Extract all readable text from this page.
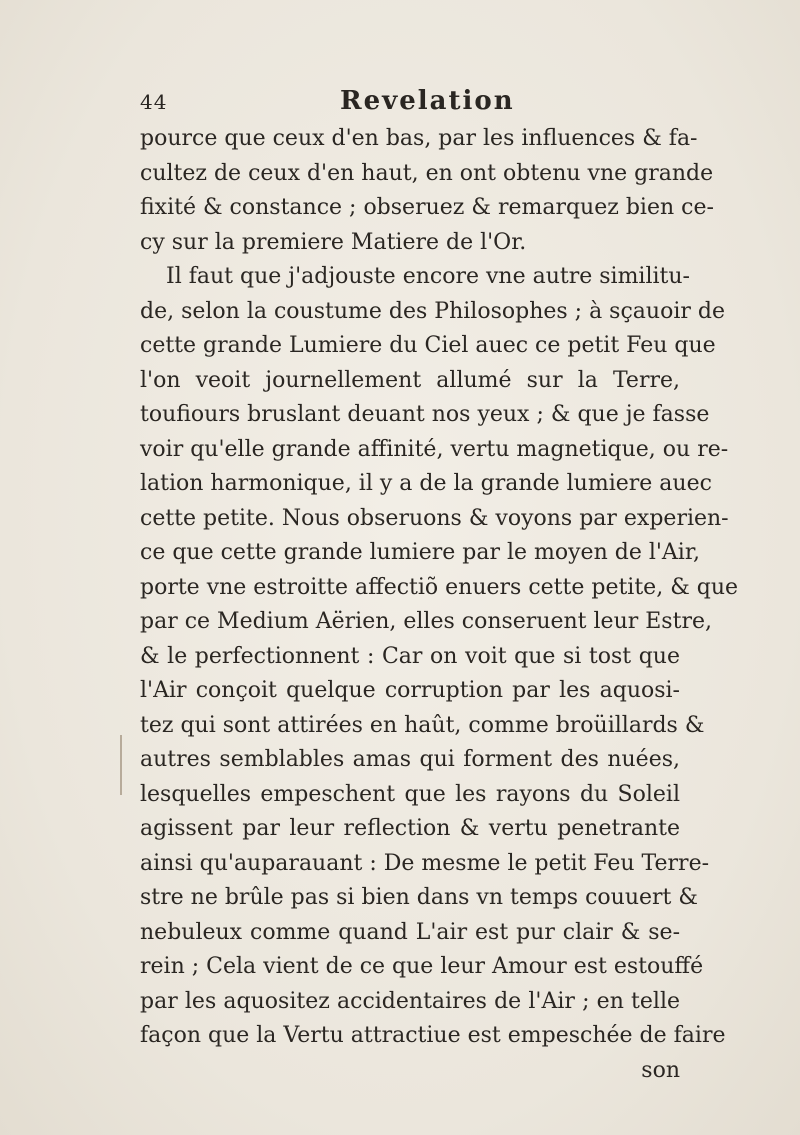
44	Revelation
pource que ceux d'en bas, par les influences & fa-
cultez de ceux d'en haut, en ont obtenu vne grande
fixité & constance ; obseruez & remarquez bien ce-
cy sur la premiere Matiere de l'Or.
Il faut que j'adjouste encore vne autre similitu-
de, selon la coustume des Philosophes ; à sçauoir de
cette grande Lumiere du Ciel auec ce petit Feu que
l'on veoit journellement allumé sur la Terre,
toufiours bruslant deuant nos yeux ; & que je fasse
voir qu'elle grande affinité, vertu magnetique, ou re-
lation harmonique, il y a de la grande lumiere auec
cette petite. Nous obseruons & voyons par experien-
ce que cette grande lumiere par le moyen de l'Air,
porte vne estroitte affectiõ enuers cette petite, & que
par ce Medium Aërien, elles conseruent leur Estre,
& le perfectionnent : Car on voit que si tost que
l'Air conçoit quelque corruption par les aquosi-
tez qui sont attirées en haût, comme broüillards &
autres semblables amas qui forment des nuées,
lesquelles empeschent que les rayons du Soleil
agissent par leur reflection & vertu penetrante
ainsi qu'auparauant : De mesme le petit Feu Terre-
stre ne brûle pas si bien dans vn temps couuert &
nebuleux comme quand L'air est pur clair & se-
rein ; Cela vient de ce que leur Amour est estouffé
par les aquositez accidentaires de l'Air ; en telle
façon que la Vertu attractiue est empeschée de faire
son
